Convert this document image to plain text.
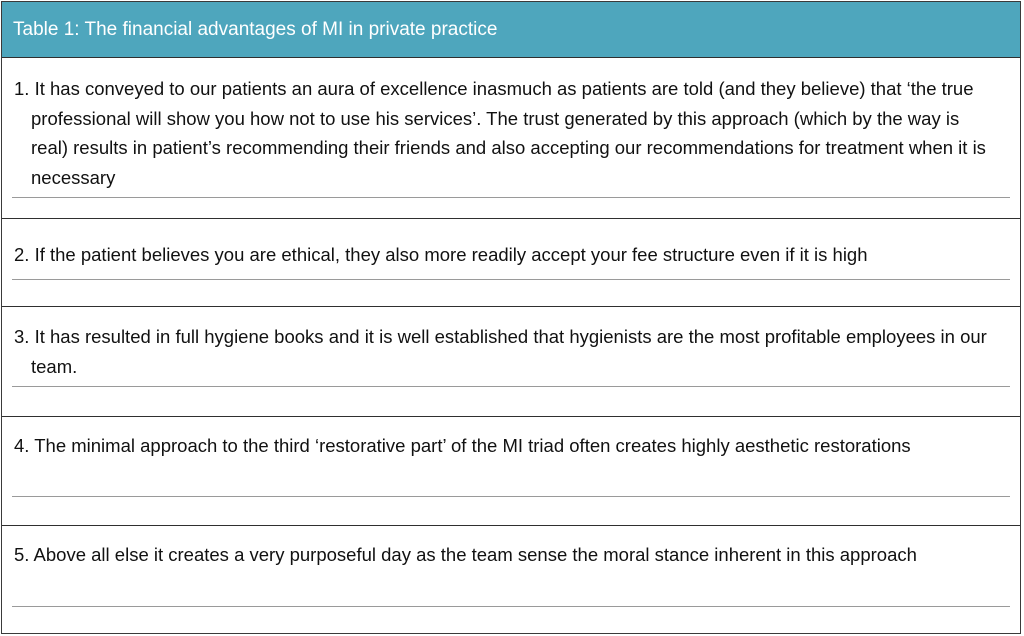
Table 1: The financial advantages of MI in private practice
1. It has conveyed to our patients an aura of excellence inasmuch as patients are told (and they believe) that ‘the true professional will show you how not to use his services’. The trust generated by this approach (which by the way is real) results in patient’s recommending their friends and also accepting our recommendations for treatment when it is necessary
2. If the patient believes you are ethical, they also more readily accept your fee structure even if it is high
3. It has resulted in full hygiene books and it is well established that hygienists are the most profitable employees in our team.
4. The minimal approach to the third ‘restorative part’ of the MI triad often creates highly aesthetic restorations
5. Above all else it creates a very purposeful day as the team sense the moral stance inherent in this approach
